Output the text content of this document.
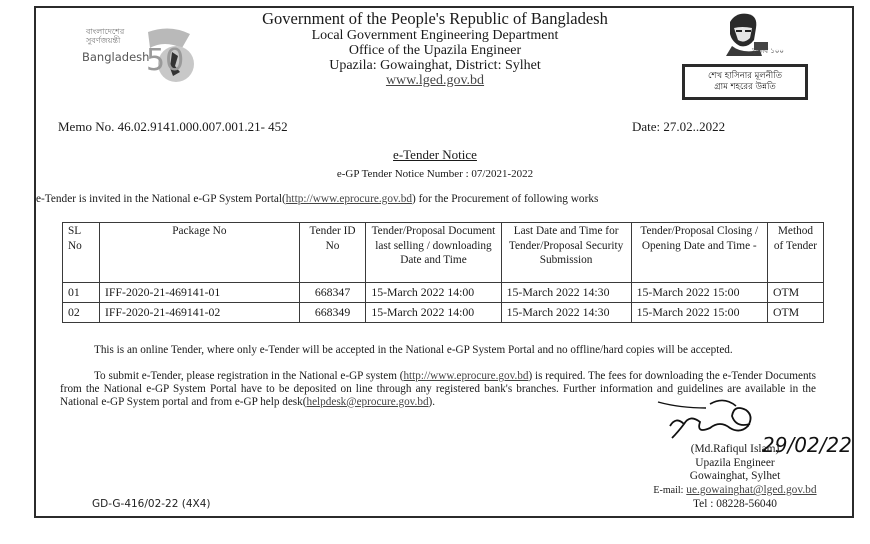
বাংলাদেশের সুবর্ণজয়ন্তী
Bangladesh
50
Government of the People's Republic of Bangladesh
Local Government Engineering Department
Office of the Upazila Engineer
Upazila: Gowainghat, District: Sylhet
www.lged.gov.bd
মুজিব ১০০
শেখ হাসিনার মূলনীতি
গ্রাম শহরের উন্নতি
Memo No. 46.02.9141.000.007.001.21- 452	Date: 27.02..2022
e-Tender Notice
e-GP Tender Notice Number : 07/2021-2022
e-Tender is invited in the National e-GP System Portal(http://www.eprocure.gov.bd) for the Procurement of following works
SL No	Package No	Tender ID No	Tender/Proposal Document last selling / downloading Date and Time	Last Date and Time for Tender/Proposal Security Submission	Tender/Proposal Closing / Opening Date and Time -	Method of Tender
01	IFF-2020-21-469141-01	668347	15-March 2022 14:00	15-March 2022 14:30	15-March 2022 15:00	OTM
02	IFF-2020-21-469141-02	668349	15-March 2022 14:00	15-March 2022 14:30	15-March 2022 15:00	OTM
This is an online Tender, where only e-Tender will be accepted in the National e-GP System Portal and no offline/hard copies will be accepted.
To submit e-Tender, please registration in the National e-GP system (http://www.eprocure.gov.bd) is required. The fees for downloading the e-Tender Documents from the National e-GP System Portal have to be deposited on line through any registered bank's branches. Further information and guidelines are available in the National e-GP System portal and from e-GP help desk(helpdesk@eprocure.gov.bd).
29/02/22
(Md.Rafiqul Islam)
Upazila Engineer
Gowainghat, Sylhet
E-mail: ue.gowainghat@lged.gov.bd
Tel : 08228-56040
GD-G-416/02-22 (4X4)
